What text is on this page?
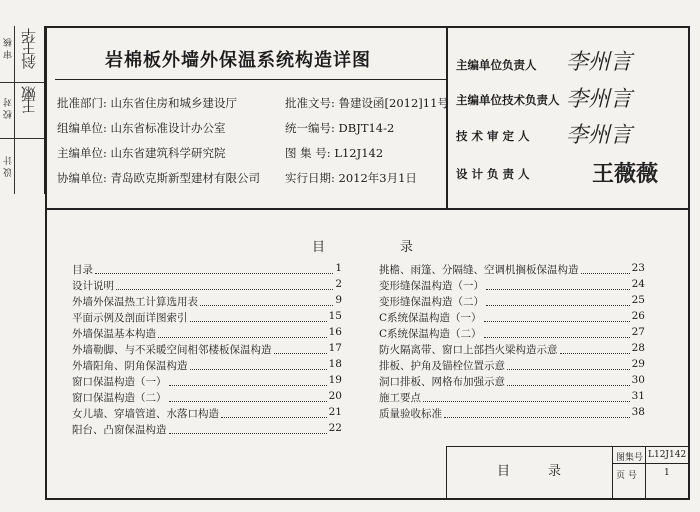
设 计
校 对
审 核 斜王华
王嫩
岩棉板外墙外保温系统构造详图
批准部门: 山东省住房和城乡建设厅
组编单位: 山东省标准设计办公室
主编单位: 山东省建筑科学研究院
协编单位: 青岛欧克斯新型建材有限公司
批准文号: 鲁建设函[2012]11号
统一编号: DBJT14-2
图 集 号: L12J142
实行日期: 2012年3月1日
主编单位负责人 李州言
主编单位技术负责人 李州言
技 术 审 定 人 李州言
设 计 负 责 人	王薇薇
目	录
目录	1
设计说明	2
外墙外保温热工计算选用表	9
平面示例及剖面详图索引	15
外墙保温基本构造	16
外墙勒脚、与不采暖空间相邻楼板保温构造	17
外墙阳角、阴角保温构造	18
窗口保温构造（一）	19
窗口保温构造（二）	20
女儿墙、穿墙管道、水落口构造	21
阳台、凸窗保温构造	22
挑檐、雨篷、分隔缝、空调机搁板保温构造	23
变形缝保温构造（一）	24
变形缝保温构造（二）	25
C系统保温构造（一）	26
C系统保温构造（二）	27
防火隔离带、窗口上部挡火梁构造示意	28
排板、护角及锚栓位置示意	29
洞口排板、网格布加强示意	30
施工要点	31
质量验收标准	38
目	录
图集号 L12J142
页 号	1
